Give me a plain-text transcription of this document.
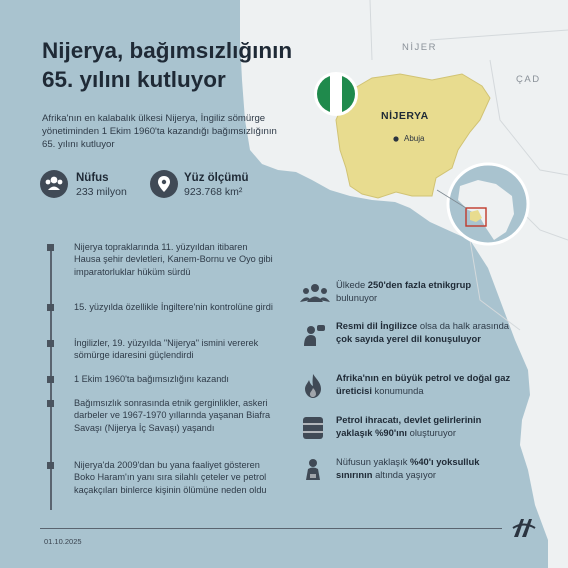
NİJER
ÇAD
NİJERYA
Abuja
Nijerya, bağımsızlığının 65. yılını kutluyor
Afrika'nın en kalabalık ülkesi Nijerya, İngiliz sömürge yönetiminden 1 Ekim 1960'ta kazandığı bağımsızlığının 65. yılını kutluyor
Nüfus
233 milyon
Yüz ölçümü
923.768 km²
Nijerya topraklarında 11. yüzyıldan itibaren Hausa şehir devletleri, Kanem-Bornu ve Oyo gibi imparatorluklar hüküm sürdü
15. yüzyılda özellikle İngiltere'nin kontrolüne girdi
İngilizler, 19. yüzyılda "Nijerya" ismini vererek sömürge idaresini güçlendirdi
1 Ekim 1960'ta bağımsızlığını kazandı
Bağımsızlık sonrasında etnik gerginlikler, askeri darbeler ve 1967-1970 yıllarında yaşanan Biafra Savaşı (Nijerya İç Savaşı) yaşandı
Nijerya'da 2009'dan bu yana faaliyet gösteren Boko Haram'ın yanı sıra silahlı çeteler ve petrol kaçakçıları binlerce kişinin ölümüne neden oldu
Ülkede 250'den fazla etnikgrup bulunuyor
Resmi dil İngilizce olsa da halk arasında çok sayıda yerel dil konuşuluyor
Afrika'nın en büyük petrol ve doğal gaz üreticisi konumunda
Petrol ihracatı, devlet gelirlerinin yaklaşık %90'ını oluşturuyor
Nüfusun yaklaşık %40'ı yoksulluk sınırının altında yaşıyor
01.10.2025
